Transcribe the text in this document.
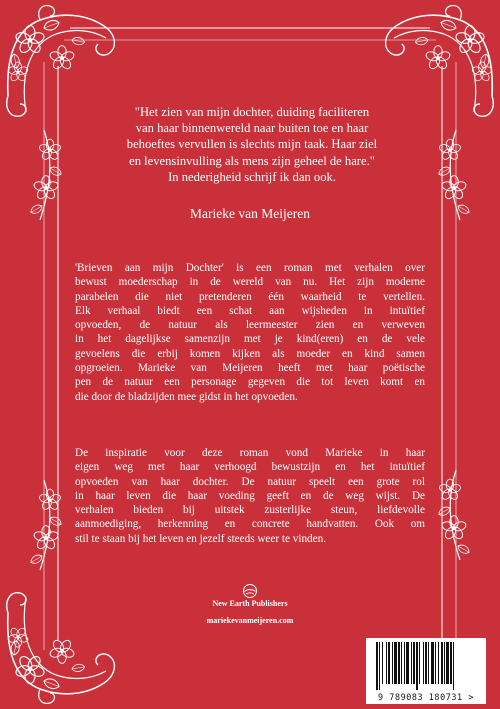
"Het zien van mijn dochter, duiding faciliteren
van haar binnenwereld naar buiten toe en haar
behoeftes vervullen is slechts mijn taak. Haar ziel
en levensinvulling als mens zijn geheel de hare."
In nederigheid schrijf ik dan ook.

Marieke van Meijeren

'Brieven aan mijn Dochter' is een roman met verhalen over
bewust moederschap in de wereld van nu. Het zijn moderne
parabelen die niet pretenderen één waarheid te vertellen.
Elk verhaal biedt een schat aan wijsheden in intuïtief
opvoeden, de natuur als leermeester zien en verweven
in het dagelijkse samenzijn met je kind(eren) en de vele
gevoelens die erbij komen kijken als moeder en kind samen
opgroeien. Marieke van Meijeren heeft met haar poëtische
pen de natuur een personage gegeven die tot leven komt en
die door de bladzijden mee gidst in het opvoeden.

De inspiratie voor deze roman vond Marieke in haar
eigen weg met haar verhoogd bewustzijn en het intuïtief
opvoeden van haar dochter. De natuur speelt een grote rol
in haar leven die haar voeding geeft en de weg wijst. De
verhalen bieden bij uitstek zusterlijke steun, liefdevolle
aanmoediging, herkenning en concrete handvatten. Ook om
stil te staan bij het leven en jezelf steeds weer te vinden.

New Earth Publishers

mariekevanmeijeren.com

9 789083 180731 >
